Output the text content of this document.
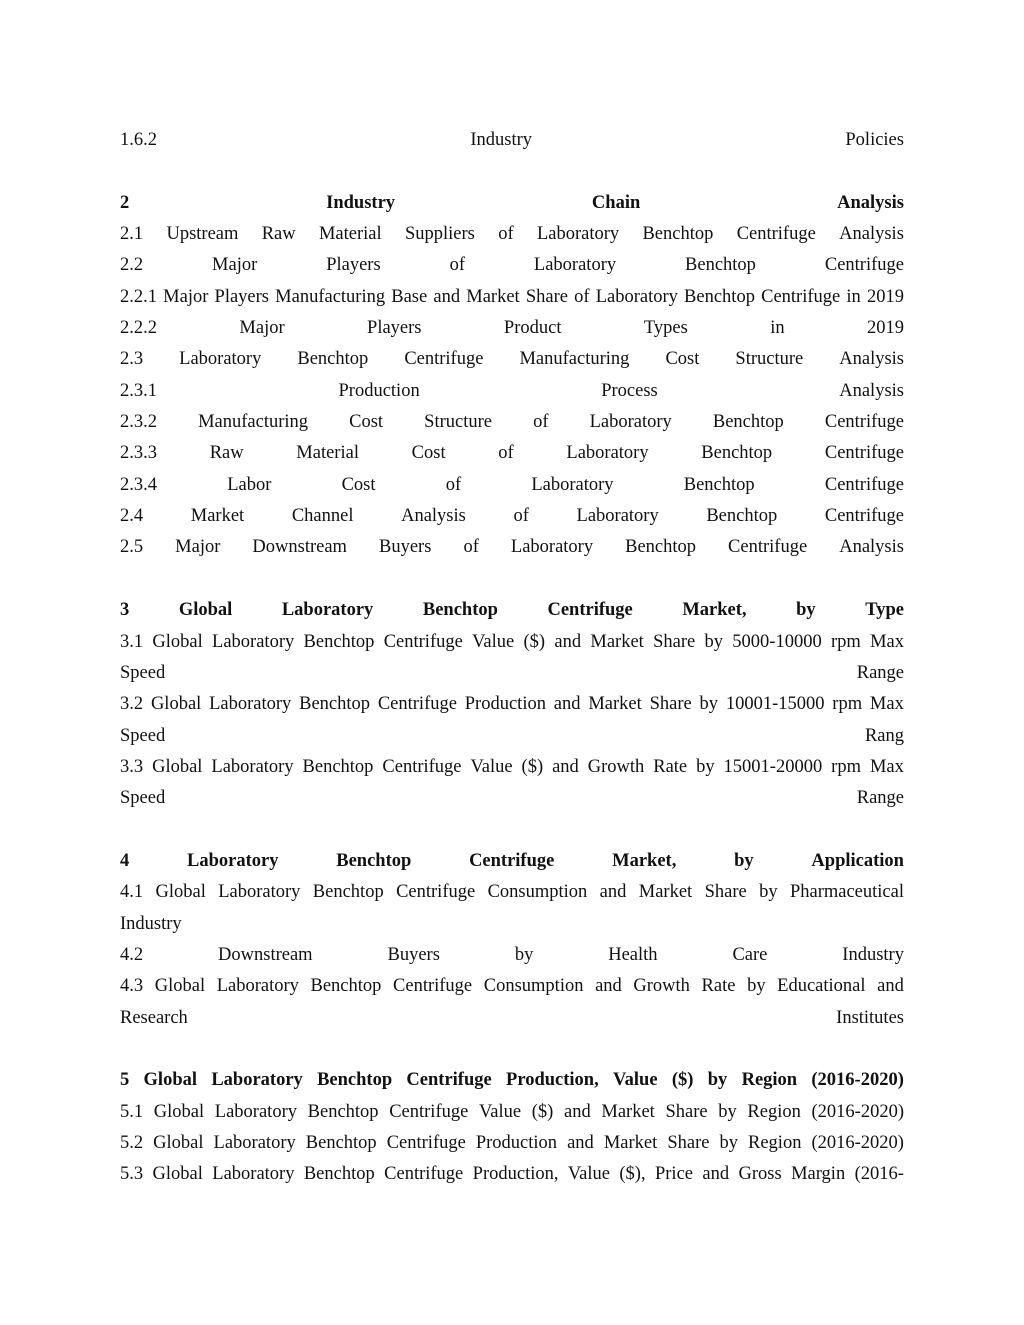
1.6.2	Industry	Policies
2	Industry	Chain	Analysis
2.1 Upstream Raw Material Suppliers of Laboratory Benchtop Centrifuge Analysis
2.2	Major	Players	of	Laboratory	Benchtop	Centrifuge
2.2.1 Major Players Manufacturing Base and Market Share of Laboratory Benchtop Centrifuge in 2019
2.2.2	Major	Players	Product	Types	in	2019
2.3 Laboratory Benchtop Centrifuge Manufacturing Cost Structure Analysis
2.3.1	Production	Process	Analysis
2.3.2 Manufacturing Cost Structure of Laboratory Benchtop Centrifuge
2.3.3	Raw	Material	Cost	of	Laboratory	Benchtop	Centrifuge
2.3.4	Labor	Cost	of	Laboratory	Benchtop	Centrifuge
2.4	Market	Channel	Analysis	of	Laboratory	Benchtop	Centrifuge
2.5 Major Downstream Buyers of Laboratory Benchtop Centrifuge Analysis
3	Global	Laboratory	Benchtop	Centrifuge	Market,	by	Type
3.1 Global Laboratory Benchtop Centrifuge Value ($) and Market Share by 5000-10000 rpm Max
Speed	Range
3.2 Global Laboratory Benchtop Centrifuge Production and Market Share by 10001-15000 rpm Max
Speed	Rang
3.3 Global Laboratory Benchtop Centrifuge Value ($) and Growth Rate by 15001-20000 rpm Max
Speed	Range
4	Laboratory	Benchtop	Centrifuge	Market,	by	Application
4.1 Global Laboratory Benchtop Centrifuge Consumption and Market Share by Pharmaceutical
Industry
4.2	Downstream	Buyers	by	Health	Care	Industry
4.3 Global Laboratory Benchtop Centrifuge Consumption and Growth Rate by Educational and
Research	Institutes
5 Global Laboratory Benchtop Centrifuge Production, Value ($) by Region (2016-2020)
5.1 Global Laboratory Benchtop Centrifuge Value ($) and Market Share by Region (2016-2020)
5.2 Global Laboratory Benchtop Centrifuge Production and Market Share by Region (2016-2020)
5.3 Global Laboratory Benchtop Centrifuge Production, Value ($), Price and Gross Margin (2016-
